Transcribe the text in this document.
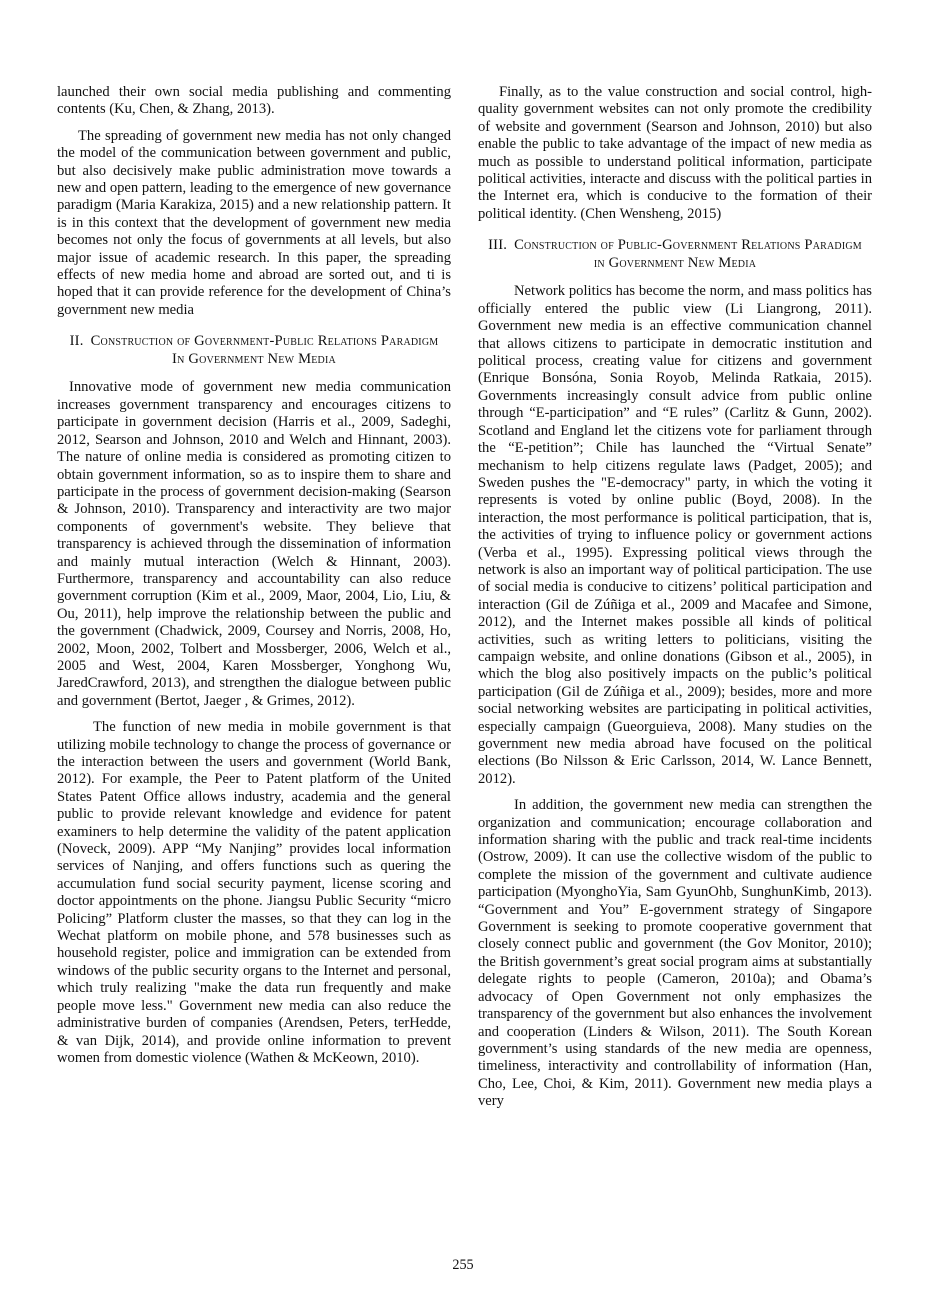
launched their own social media publishing and commenting contents (Ku, Chen, & Zhang, 2013).

The spreading of government new media has not only changed the model of the communication between government and public, but also decisively make public administration move towards a new and open pattern, leading to the emergence of new governance paradigm (Maria Karakiza, 2015) and a new relationship pattern. It is in this context that the development of government new media becomes not only the focus of governments at all levels, but also major issue of academic research. In this paper, the spreading effects of new media home and abroad are sorted out, and ti is hoped that it can provide reference for the development of China’s government new media

II. Construction of Government-Public Relations Paradigm In Government New Media

Innovative mode of government new media communication increases government transparency and encourages citizens to participate in government decision (Harris et al., 2009, Sadeghi, 2012, Searson and Johnson, 2010 and Welch and Hinnant, 2003). The nature of online media is considered as promoting citizen to obtain government information, so as to inspire them to share and participate in the process of government decision-making (Searson & Johnson, 2010). Transparency and interactivity are two major components of government's website. They believe that transparency is achieved through the dissemination of information and mainly mutual interaction (Welch & Hinnant, 2003). Furthermore, transparency and accountability can also reduce government corruption (Kim et al., 2009, Maor, 2004, Lio, Liu, & Ou, 2011), help improve the relationship between the public and the government (Chadwick, 2009, Coursey and Norris, 2008, Ho, 2002, Moon, 2002, Tolbert and Mossberger, 2006, Welch et al., 2005 and West, 2004, Karen Mossberger, Yonghong Wu, JaredCrawford, 2013), and strengthen the dialogue between public and government (Bertot, Jaeger , & Grimes, 2012).

The function of new media in mobile government is that utilizing mobile technology to change the process of governance or the interaction between the users and government (World Bank, 2012). For example, the Peer to Patent platform of the United States Patent Office allows industry, academia and the general public to provide relevant knowledge and evidence for patent examiners to help determine the validity of the patent application (Noveck, 2009). APP “My Nanjing” provides local information services of Nanjing, and offers functions such as quering the accumulation fund social security payment, license scoring and doctor appointments on the phone. Jiangsu Public Security “micro Policing” Platform cluster the masses, so that they can log in the Wechat platform on mobile phone, and 578 businesses such as household register, police and immigration can be extended from windows of the public security organs to the Internet and personal, which truly realizing "make the data run frequently and make people move less." Government new media can also reduce the administrative burden of companies (Arendsen, Peters, terHedde, & van Dijk, 2014), and provide online information to prevent women from domestic violence (Wathen & McKeown, 2010).

Finally, as to the value construction and social control, high-quality government websites can not only promote the credibility of website and government (Searson and Johnson, 2010) but also enable the public to take advantage of the impact of new media as much as possible to understand political information, participate political activities, interacte and discuss with the political parties in the Internet era, which is conducive to the formation of their political identity. (Chen Wensheng, 2015)

III. Construction of Public-Government Relations Paradigm in Government New Media

Network politics has become the norm, and mass politics has officially entered the public view (Li Liangrong, 2011). Government new media is an effective communication channel that allows citizens to participate in democratic institution and political process, creating value for citizens and government (Enrique Bonsóna, Sonia Royob, Melinda Ratkaia, 2015). Governments increasingly consult advice from public online through “E-participation” and “E rules” (Carlitz & Gunn, 2002). Scotland and England let the citizens vote for parliament through the “E-petition”; Chile has launched the “Virtual Senate” mechanism to help citizens regulate laws (Padget, 2005); and Sweden pushes the "E-democracy" party, in which the voting it represents is voted by online public (Boyd, 2008). In the interaction, the most performance is political participation, that is, the activities of trying to influence policy or government actions (Verba et al., 1995). Expressing political views through the network is also an important way of political participation. The use of social media is conducive to citizens’ political participation and interaction (Gil de Zúñiga et al., 2009 and Macafee and Simone, 2012), and the Internet makes possible all kinds of political activities, such as writing letters to politicians, visiting the campaign website, and online donations (Gibson et al., 2005), in which the blog also positively impacts on the public’s political participation (Gil de Zúñiga et al., 2009); besides, more and more social networking websites are participating in political activities, especially campaign (Gueorguieva, 2008). Many studies on the government new media abroad have focused on the political elections (Bo Nilsson & Eric Carlsson, 2014, W. Lance Bennett, 2012).

In addition, the government new media can strengthen the organization and communication; encourage collaboration and information sharing with the public and track real-time incidents (Ostrow, 2009). It can use the collective wisdom of the public to complete the mission of the government and cultivate audience participation (MyonghoYia, Sam GyunOhb, SunghunKimb, 2013). “Government and You” E-government strategy of Singapore Government is seeking to promote cooperative government that closely connect public and government (the Gov Monitor, 2010); the British government’s great social program aims at substantially delegate rights to people (Cameron, 2010a); and Obama’s advocacy of Open Government not only emphasizes the transparency of the government but also enhances the involvement and cooperation (Linders & Wilson, 2011). The South Korean government’s using standards of the new media are openness, timeliness, interactivity and controllability of information (Han, Cho, Lee, Choi, & Kim, 2011). Government new media plays a very

255
